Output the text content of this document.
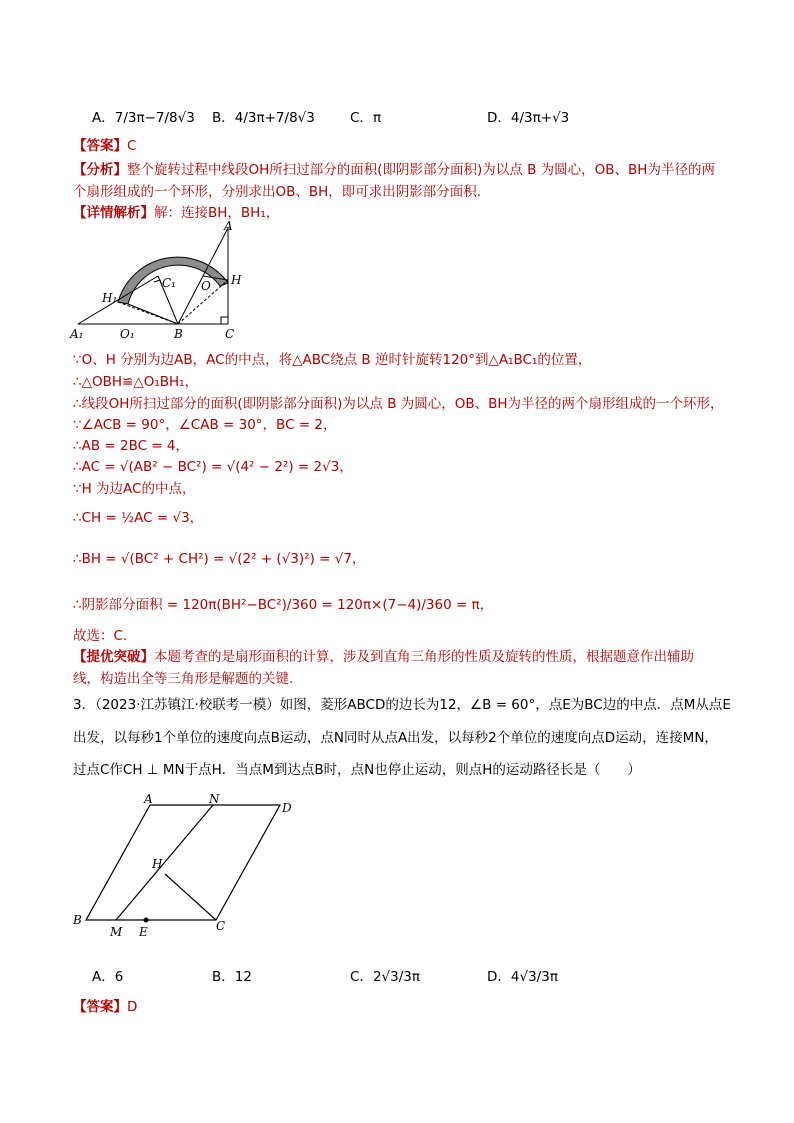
A．7/3π−7/8√3 B．4/3π+7/8√3	C．π	D．4/3π+√3
【答案】C
【分析】整个旋转过程中线段OH所扫过部分的面积(即阴影部分面积)为以点 B 为圆心，OB、BH为半径的两
个扇形组成的一个环形，分别求出OB、BH，即可求出阴影部分面积．
【详情解析】解：连接BH，BH₁，
A
H
O
C₁
H₁
A₁	O₁	B	C
∵O、H 分别为边AB，AC的中点，将△ABC绕点 B 逆时针旋转120°到△A₁BC₁的位置，
∴△OBH≌△O₁BH₁，
∴线段OH所扫过部分的面积(即阴影部分面积)为以点 B 为圆心，OB、BH为半径的两个扇形组成的一个环形，
∵∠ACB = 90°，∠CAB = 30°，BC = 2，
∴AB = 2BC = 4，
∴AC = √(AB² − BC²) = √(4² − 2²) = 2√3，
∵H 为边AC的中点，
∴CH = ½AC = √3，
∴BH = √(BC² + CH²) = √(2² + (√3)²) = √7，
∴阴影部分面积 = 120π(BH²−BC²)/360 = 120π×(7−4)/360 = π，
故选：C．
【提优突破】本题考查的是扇形面积的计算，涉及到直角三角形的性质及旋转的性质，根据题意作出辅助
线，构造出全等三角形是解题的关键．
3．（2023·江苏镇江·校联考一模）如图，菱形ABCD的边长为12，∠B = 60°，点E为BC边的中点．点M从点E
出发，以每秒1个单位的速度向点B运动，点N同时从点A出发，以每秒2个单位的速度向点D运动，连接MN，
过点C作CH ⊥ MN于点H．当点M到达点B时，点N也停止运动，则点H的运动路径长是（　　）
A	N
D
H
B
M E	C
A．6	B．12	C．2√3/3π	D．4√3/3π
【答案】D
